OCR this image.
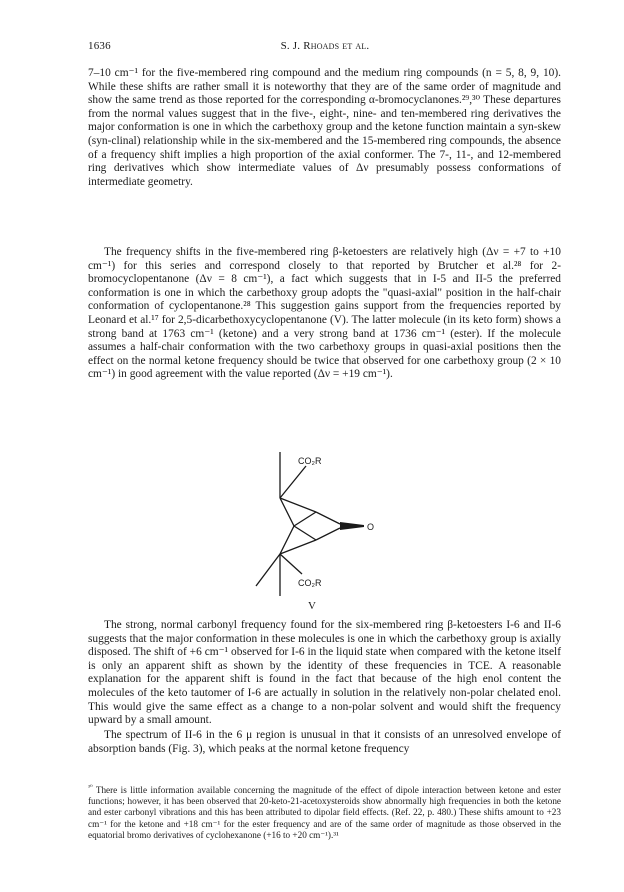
1636	S. J. Rhoads et al.

7–10 cm⁻¹ for the five-membered ring compound and the medium ring compounds (n = 5, 8, 9, 10). While these shifts are rather small it is noteworthy that they are of the same order of magnitude and show the same trend as those reported for the corresponding α-bromocyclanones.²⁹,³⁰ These departures from the normal values suggest that in the five-, eight-, nine- and ten-membered ring derivatives the major conformation is one in which the carbethoxy group and the ketone function maintain a syn-skew (syn-clinal) relationship while in the six-membered and the 15-membered ring compounds, the absence of a frequency shift implies a high proportion of the axial conformer. The 7-, 11-, and 12-membered ring derivatives which show intermediate values of Δν presumably possess conformations of intermediate geometry.

The frequency shifts in the five-membered ring β-ketoesters are relatively high (Δν = +7 to +10 cm⁻¹) for this series and correspond closely to that reported by Brutcher et al.²⁸ for 2-bromocyclopentanone (Δν = 8 cm⁻¹), a fact which suggests that in I-5 and II-5 the preferred conformation is one in which the carbethoxy group adopts the "quasi-axial" position in the half-chair conformation of cyclopentanone.²⁸ This suggestion gains support from the frequencies reported by Leonard et al.¹⁷ for 2,5-dicarbethoxycyclopentanone (V). The latter molecule (in its keto form) shows a strong band at 1763 cm⁻¹ (ketone) and a very strong band at 1736 cm⁻¹ (ester). If the molecule assumes a half-chair conformation with the two carbethoxy groups in quasi-axial positions then the effect on the normal ketone frequency should be twice that observed for one carbethoxy group (2 × 10 cm⁻¹) in good agreement with the value reported (Δν = +19 cm⁻¹).

O
CO₂R
CO₂R
V

The strong, normal carbonyl frequency found for the six-membered ring β-ketoesters I-6 and II-6 suggests that the major conformation in these molecules is one in which the carbethoxy group is axially disposed. The shift of +6 cm⁻¹ observed for I-6 in the liquid state when compared with the ketone itself is only an apparent shift as shown by the identity of these frequencies in TCE. A reasonable explanation for the apparent shift is found in the fact that because of the high enol content the molecules of the keto tautomer of I-6 are actually in solution in the relatively non-polar chelated enol. This would give the same effect as a change to a non-polar solvent and would shift the frequency upward by a small amount.

The spectrum of II-6 in the 6 μ region is unusual in that it consists of an unresolved envelope of absorption bands (Fig. 3), which peaks at the normal ketone frequency

$^{^{30}}$ There is little information available concerning the magnitude of the effect of dipole interaction between ketone and ester functions; however, it has been observed that 20-keto-21-acetoxysteroids show abnormally high frequencies in both the ketone and ester carbonyl vibrations and this has been attributed to dipolar field effects. (Ref. 22, p. 480.) These shifts amount to +23 cm⁻¹ for the ketone and +18 cm⁻¹ for the ester frequency and are of the same order of magnitude as those observed in the equatorial bromo derivatives of cyclohexanone (+16 to +20 cm⁻¹).³¹
